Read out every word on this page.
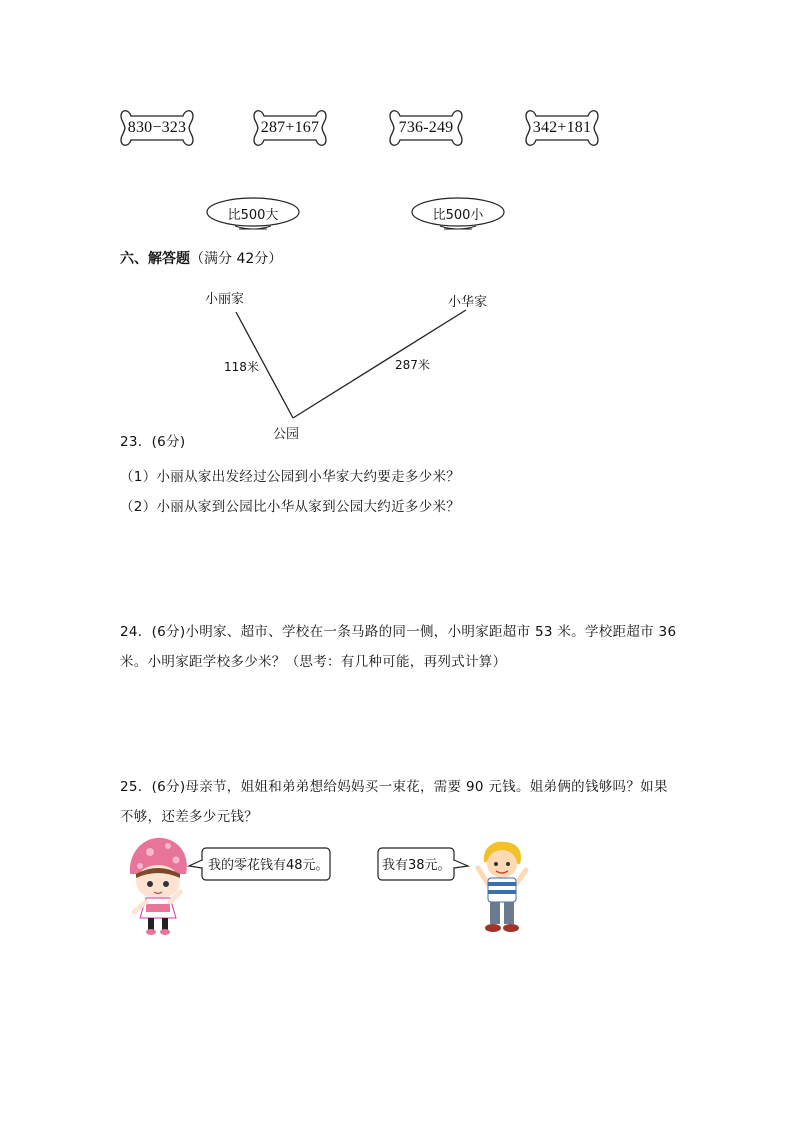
830−323	287+167	736-249	342+181
比500大	比500小
六、解答题（满分 42分）
小丽家	小华家
公园
118米	287米
23．(6分)
（1）小丽从家出发经过公园到小华家大约要走多少米？
（2）小丽从家到公园比小华从家到公园大约近多少米？
24．(6分)小明家、超市、学校在一条马路的同一侧，小明家距超市 53 米。学校距超市 36
米。小明家距学校多少米？（思考：有几种可能，再列式计算）
25．(6分)母亲节，姐姐和弟弟想给妈妈买一束花，需要 90 元钱。姐弟俩的钱够吗？如果
不够，还差多少元钱？
我的零花钱有48元。	我有38元。
